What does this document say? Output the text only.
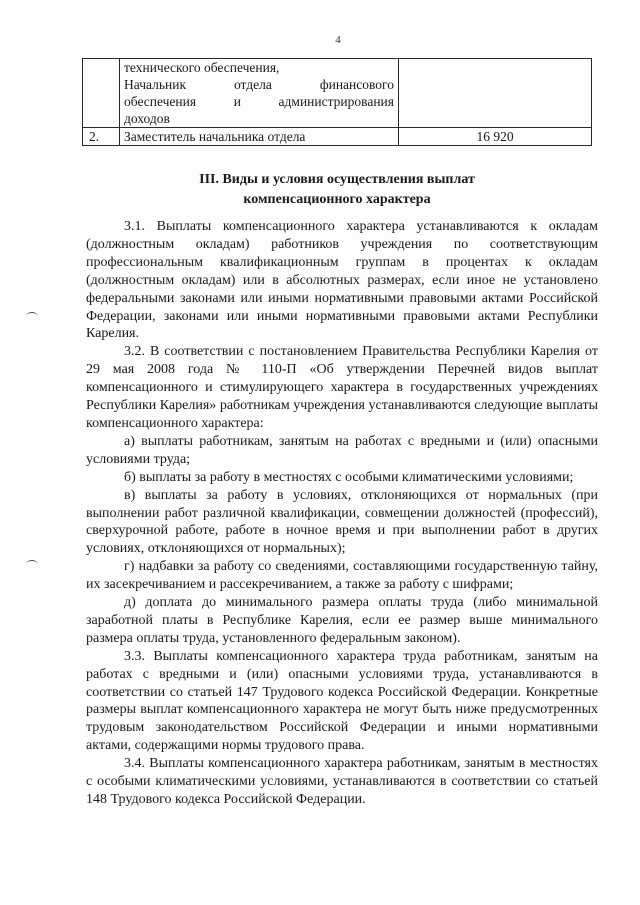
4

	технического обеспечения,
Начальник отдела финансового
обеспечения и администрирования
доходов	

2.	Заместитель начальника отдела	16 920
III. Виды и условия осуществления выплат
компенсационного характера

3.1. Выплаты компенсационного характера устанавливаются к окладам (должностным окладам) работников учреждения по соответствующим профессиональным квалификационным группам в процентах к окладам (должностным окладам) или в абсолютных размерах, если иное не установлено федеральными законами или иными нормативными правовыми актами Российской Федерации, законами или иными нормативными правовыми актами Республики Карелия.

3.2. В соответствии с постановлением Правительства Республики Карелия от 29 мая 2008 года № 110-П «Об утверждении Перечней видов выплат компенсационного и стимулирующего характера в государственных учреждениях Республики Карелия» работникам учреждения устанавливаются следующие выплаты компенсационного характера:

а) выплаты работникам, занятым на работах с вредными и (или) опасными условиями труда;

б) выплаты за работу в местностях с особыми климатическими условиями;

в) выплаты за работу в условиях, отклоняющихся от нормальных (при выполнении работ различной квалификации, совмещении должностей (профессий), сверхурочной работе, работе в ночное время и при выполнении работ в других условиях, отклоняющихся от нормальных);

г) надбавки за работу со сведениями, составляющими государственную тайну, их засекречиванием и рассекречиванием, а также за работу с шифрами;

д) доплата до минимального размера оплаты труда (либо минимальной заработной платы в Республике Карелия, если ее размер выше минимального размера оплаты труда, установленного федеральным законом).

3.3. Выплаты компенсационного характера труда работникам, занятым на работах с вредными и (или) опасными условиями труда, устанавливаются в соответствии со статьей 147 Трудового кодекса Российской Федерации. Конкретные размеры выплат компенсационного характера не могут быть ниже предусмотренных трудовым законодательством Российской Федерации и иными нормативными актами, содержащими нормы трудового права.

3.4. Выплаты компенсационного характера работникам, занятым в местностях с особыми климатическими условиями, устанавливаются в соответствии со статьей 148 Трудового кодекса Российской Федерации.
